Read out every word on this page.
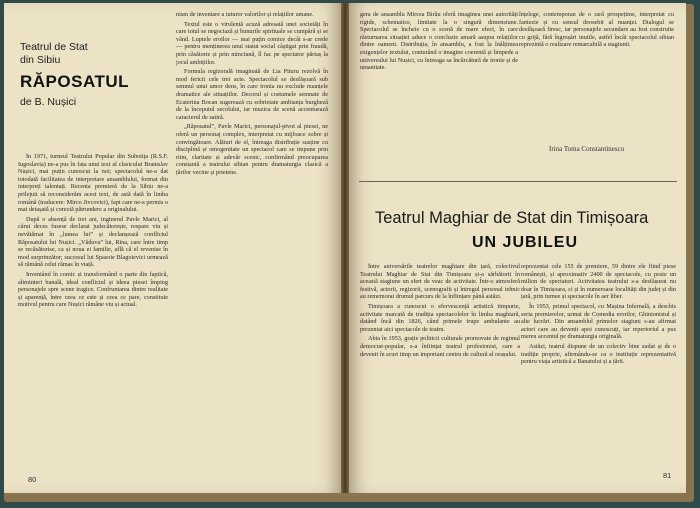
Teatrul de Stat
din Sibiu
RĂPOSATUL
de B. Nușici

În 1971, turneul Teatrului Popular din Subotița (R.S.F. Iugoslavia) ne-a pus în fața unui text al clasicului Branislav Nușici, mai puțin cunoscut la noi; spectacolul ne-a dat totodată facilitatea de interpretare ansamblului, format din interpreți talentați. Recenta premieră de la Sibiu ne-a prilejuit să reconsiderăm acest text, de astă dată în limba română (traducere: Mirco Jivcovici), fapt care ne-a permis o mai detașată și corectă pătrundere a originalului.

După o absență de trei ani, inginerul Pavle Marici, al cărui deces fusese declarat judecătorește, respare viu și nevătămat în „lumea lui” și declanșează conflictul Răposatului lui Nușici. „Văduva” lui, Rina, care între timp se recăsătorise, ca și noua ei familie, află că el revenise în mod surprinzător; succesul lui Spasoie Blagoievici urmează să rămână celui rămas în viață.

Inventând în comic și transformând o parte din faptică, altminteri banală, ideal conflictul și ideea piesei împing personajele spre scene tragice. Confruntarea dintre realitate și aparență, între ceea ce este și ceea ce pare, constituie motivul pentru care Nușici rămâne viu și actual.

nism de inventare a tuturor valorilor și relațiilor umane.

Textul este o virulentă acuză adresată unei societăți în care totul se negociază și bunurile spirituale se cumpără și se vând. Luptele eroilor — mai puțin comice decât s-ar crede — pentru menținerea unui statut social câștigat prin fraudă, prin căsătorie și prin minciună, îl fac pe spectator părtaș la jocul ambițiilor.

Formula regizorală imaginată de Lia Pituru rezolvă în mod fericit cele trei acte. Spectacolul se desfășoară sub semnul unui umor dens, în care ironia nu exclude nuanțele dramatice ale situațiilor. Decorul și costumele semnate de Ecaterina Bocan sugerează cu sobrietate ambianța burgheză de la începutul secolului, iar muzica de scenă accentuează caracterul de satiră.

„Răposatul”, Pavle Marici, personajul-pivot al piesei, ne oferă un personaj complex, interpretat cu mijloace sobre și convingătoare. Alături de el, întreaga distribuție susține cu disciplină și omogenitate un spectacol care se impune prin ritm, claritate și adevăr scenic, confirmând preocuparea constantă a teatrului sibian pentru dramaturgia clasică a țărilor vecine și prietene.

80

gera de ansamblu Mircea Birău oferă imaginea unei autorități rigide, schematice, limitate la o singură dimensiune. Spectacolul se încheie cu o scenă de mare efect, în care răsturnarea situației aduce o concluzie amară asupra relațiilor dintre oameni. Distribuția, în ansamblu, a fost la înălțimea exigențelor textului, conturând o imagine coerentă și limpede a universului lui Nușici, cu întreaga sa încărcătură de ironie și de umanitate.

înțelege, contemporan de o rară prospețime, interpretat cu fantezie și cu sensul deosebit al nuanței. Dialogul se desfășoară firesc, iar personajele secundare au fost construite cu grijă, fără îngroșări inutile, astfel încât spectacolul sibian reprezintă o realizare remarcabilă a stagiunii.

Irina Toma Constantinescu
Teatrul Maghiar de Stat din Timișoara
UN JUBILEU

Între aniversările teatrelor maghiare din țară, colectivul Teatrului Maghiar de Stat din Timișoara și-a sărbătorit în această stagiune un sfert de veac de activitate. Într-o atmosferă festivă, actorii, regizorii, scenografii și întregul personal tehnic au rememorat drumul parcurs de la înființare până astăzi.

Timișoara a cunoscut o efervescență artistică timpurie, activitate marcată de tradiția spectacolelor în limba maghiară, datând încă din 1826, când primele trupe ambulante au prezentat aici spectacole de teatru.

Abia în 1953, grație politicii culturale promovate de regimul democrat-popular, s-a înființat teatrul profesionist, care a devenit în scurt timp un important centru de cultură al orașului.

reprezentat cele 155 de premiere, 59 dintre ele fiind piese românești, și aproximativ 2400 de spectacole, cu peste un milion de spectatori. Activitatea teatrului s-a desfășurat nu doar în Timișoara, ci și în numeroase localități din județ și din țară, prin turnee și spectacole în aer liber.

În 1953, primul spectacol, cu Mașina Infernală, a deschis seria premierelor, urmat de Comedia erorilor, Ghinionistul și alte lucrări. Din ansamblul primelor stagiuni s-au afirmat actori care au devenit apoi cunoscuți, iar repertoriul a pus mereu accentul pe dramaturgia originală.

Astăzi, teatrul dispune de un colectiv bine sudat și de o tradiție proprie, afirmându-se ca o instituție reprezentativă pentru viața artistică a Banatului și a țării.

81
